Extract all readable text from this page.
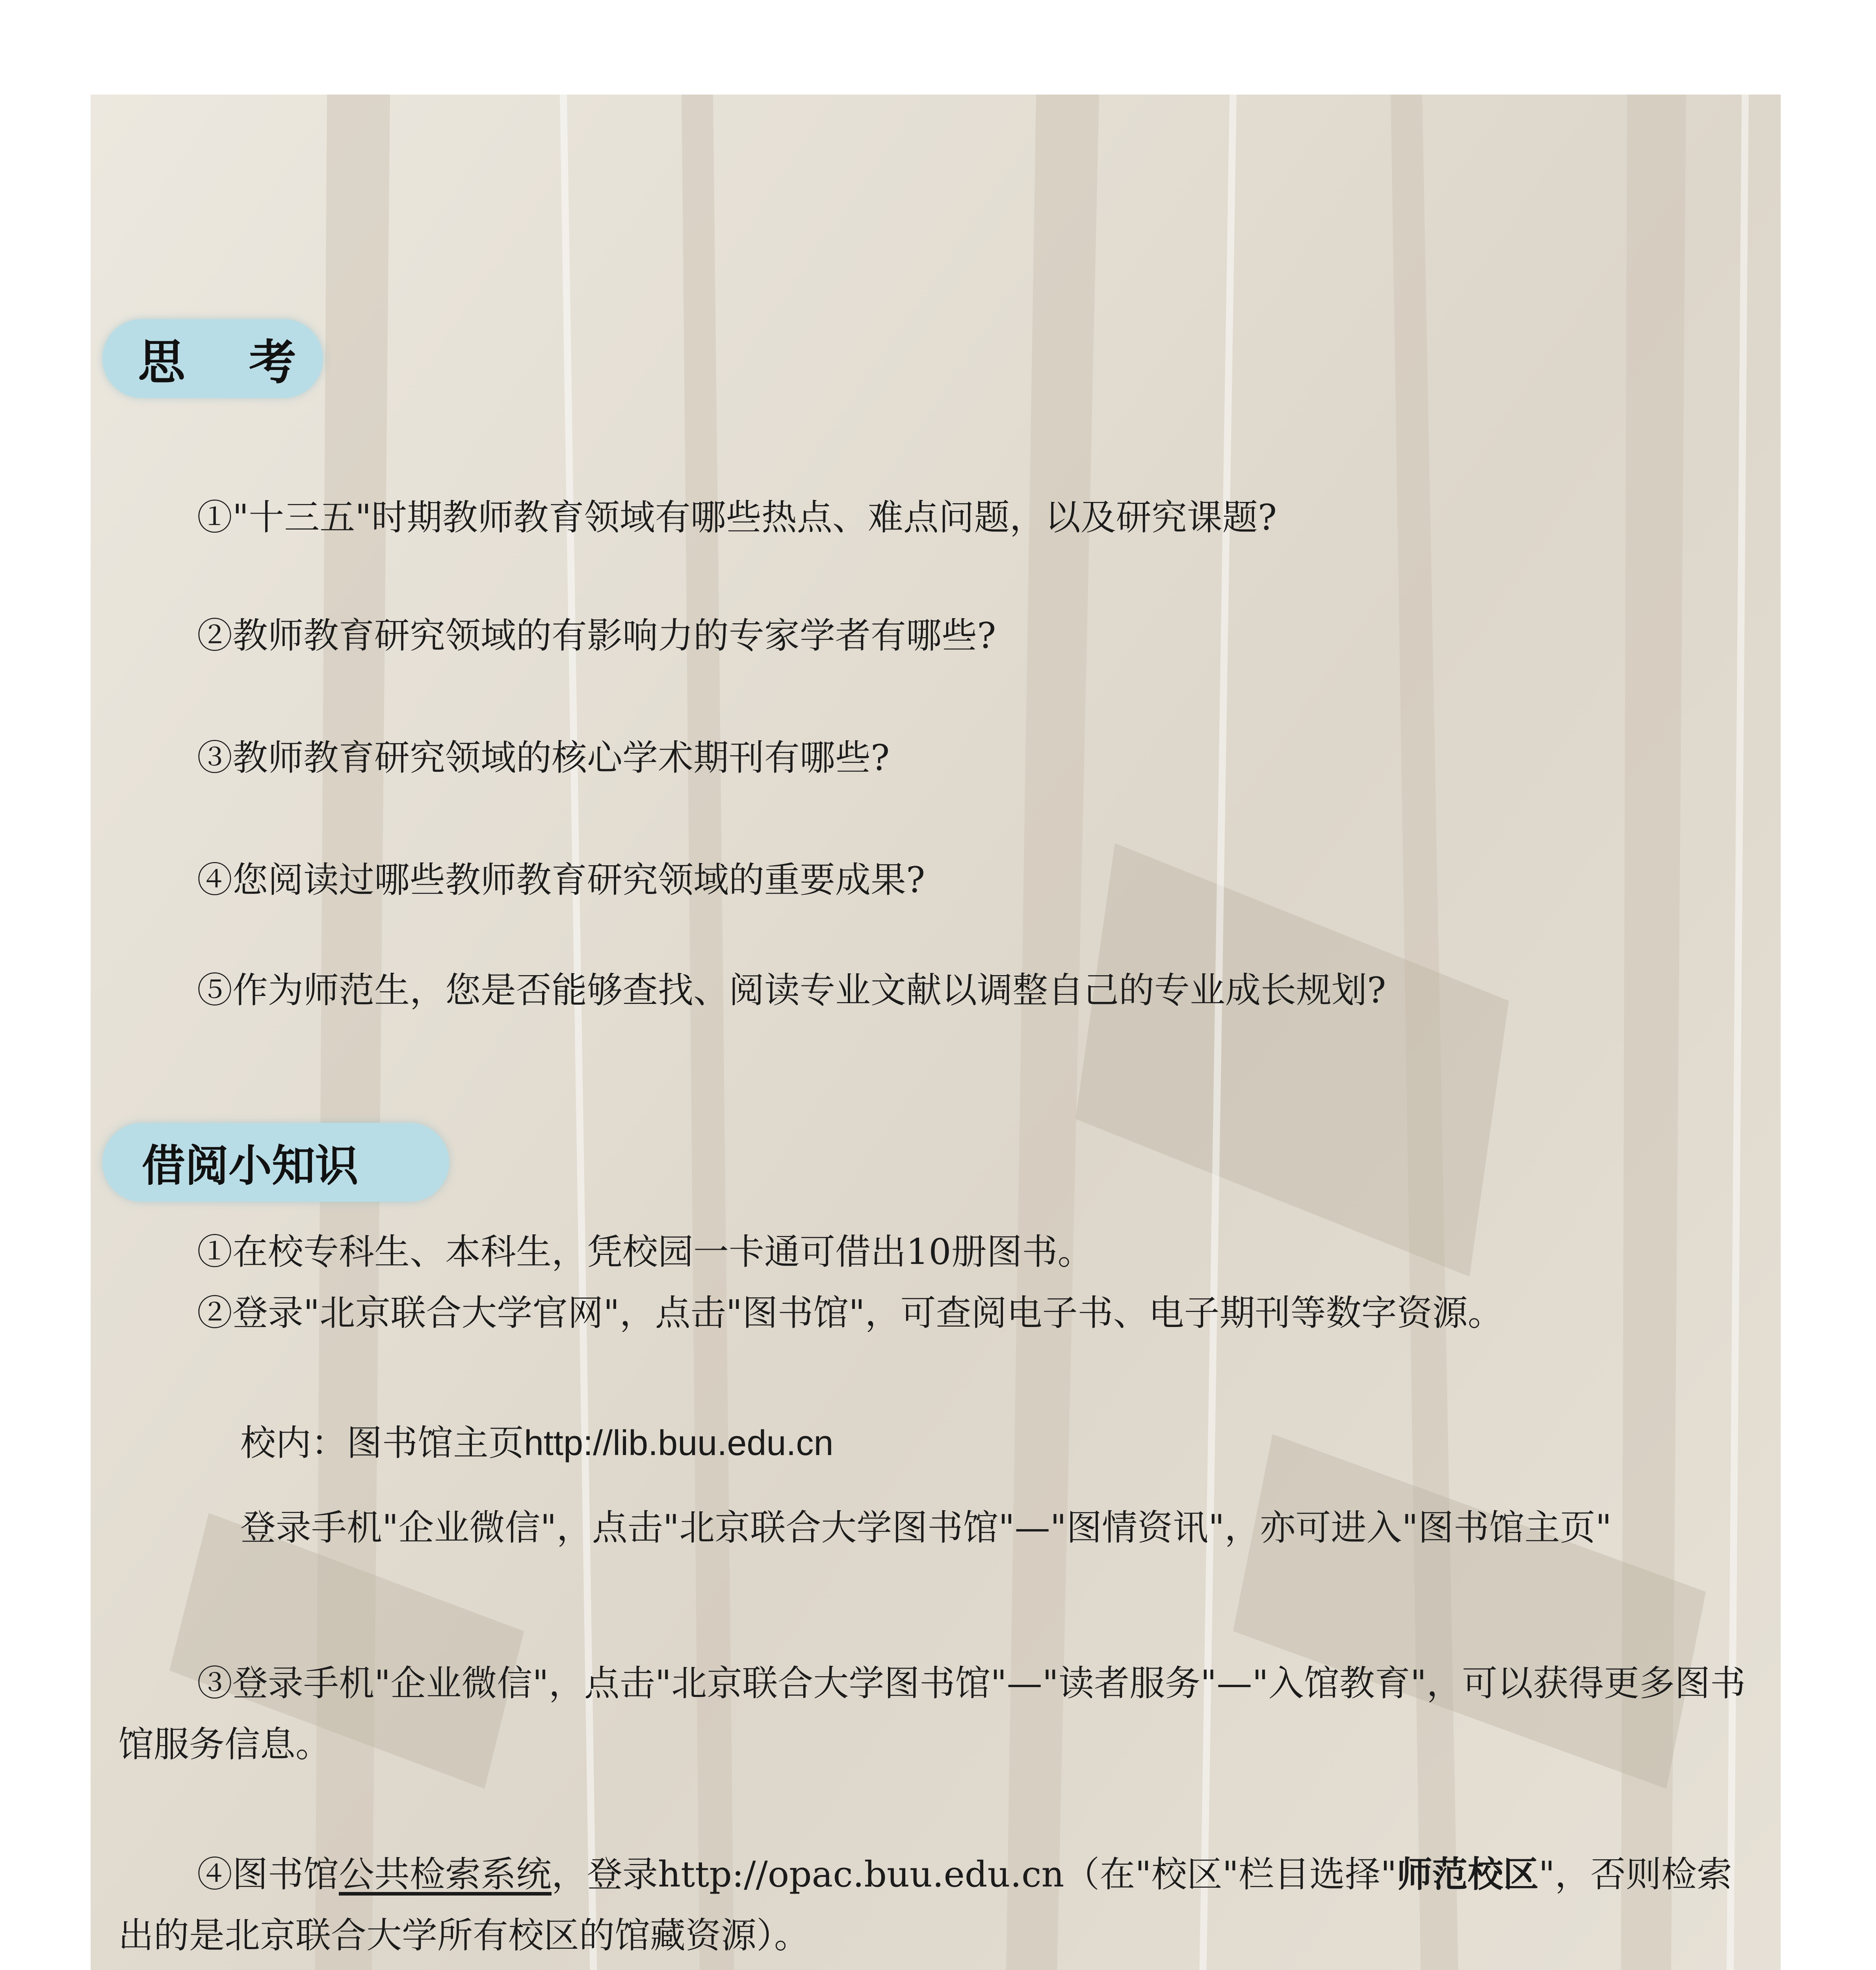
思 考
①"十三五"时期教师教育领域有哪些热点、难点问题，以及研究课题?
②教师教育研究领域的有影响力的专家学者有哪些?
③教师教育研究领域的核心学术期刊有哪些?
④您阅读过哪些教师教育研究领域的重要成果?
⑤作为师范生，您是否能够查找、阅读专业文献以调整自己的专业成长规划?
借阅小知识
①在校专科生、本科生，凭校园一卡通可借出10册图书。
②登录"北京联合大学官网"，点击"图书馆"，可查阅电子书、电子期刊等数字资源。
校内：图书馆主页http://lib.buu.edu.cn
登录手机"企业微信"，点击"北京联合大学图书馆"—"图情资讯"，亦可进入"图书馆主页"
③登录手机"企业微信"，点击"北京联合大学图书馆"—"读者服务"—"入馆教育"，可以获得更多图书馆服务信息。
④图书馆公共检索系统，登录http://opac.buu.edu.cn（在"校区"栏目选择"师范校区"，否则检索出的是北京联合大学所有校区的馆藏资源）。
